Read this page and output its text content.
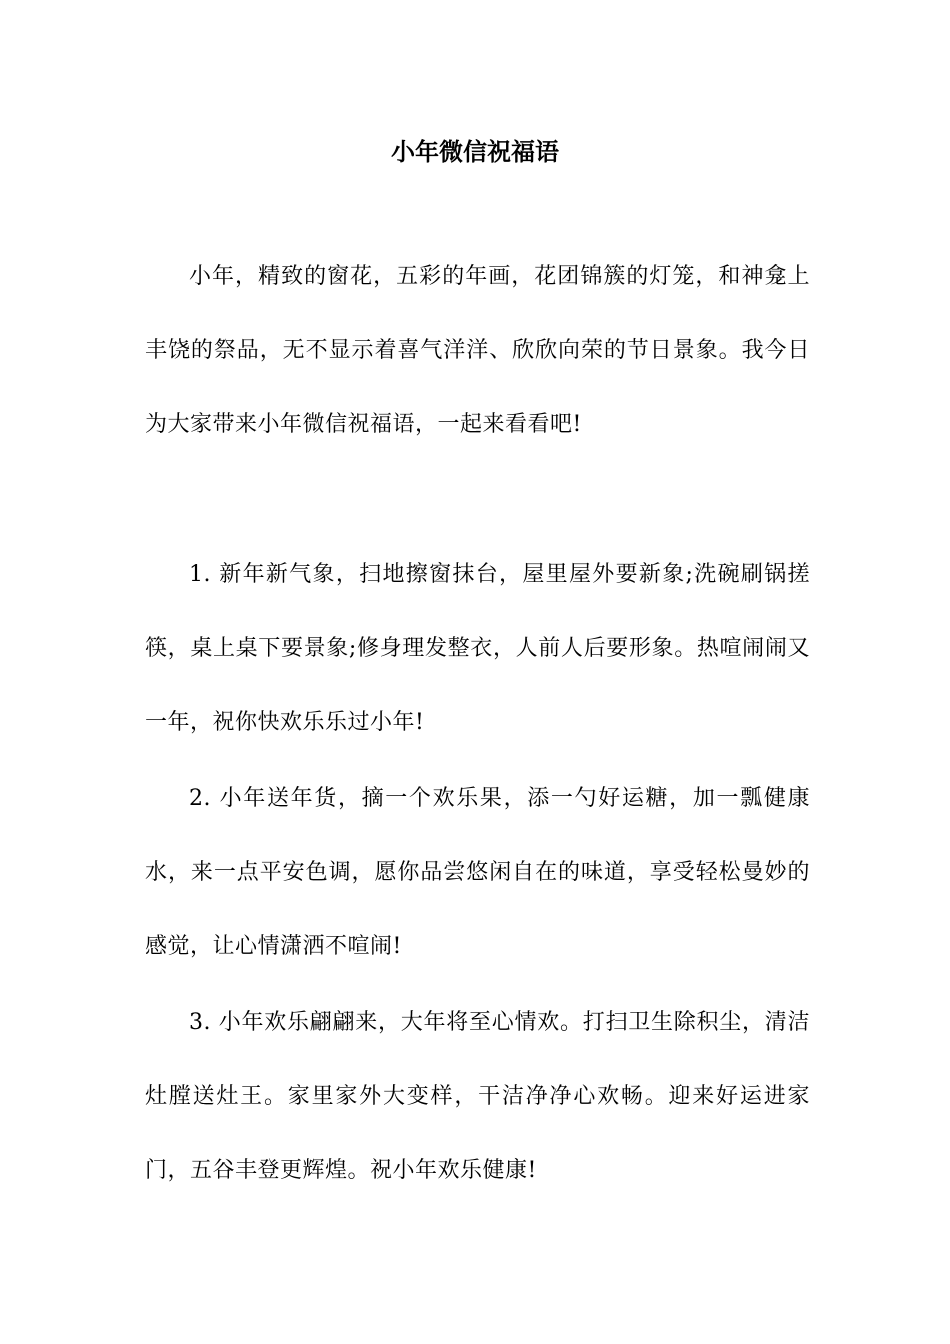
小年微信祝福语

小年，精致的窗花，五彩的年画，花团锦簇的灯笼，和神龛上丰饶的祭品，无不显示着喜气洋洋、欣欣向荣的节日景象。我今日为大家带来小年微信祝福语，一起来看看吧!

1. 新年新气象，扫地擦窗抹台，屋里屋外要新象;洗碗刷锅搓筷，桌上桌下要景象;修身理发整衣，人前人后要形象。热喧闹闹又一年，祝你快欢乐乐过小年!

2. 小年送年货，摘一个欢乐果，添一勺好运糖，加一瓢健康水，来一点平安色调，愿你品尝悠闲自在的味道，享受轻松曼妙的感觉，让心情潇洒不喧闹!

3. 小年欢乐翩翩来，大年将至心情欢。打扫卫生除积尘，清洁灶膛送灶王。家里家外大变样，干洁净净心欢畅。迎来好运进家门，五谷丰登更辉煌。祝小年欢乐健康!
